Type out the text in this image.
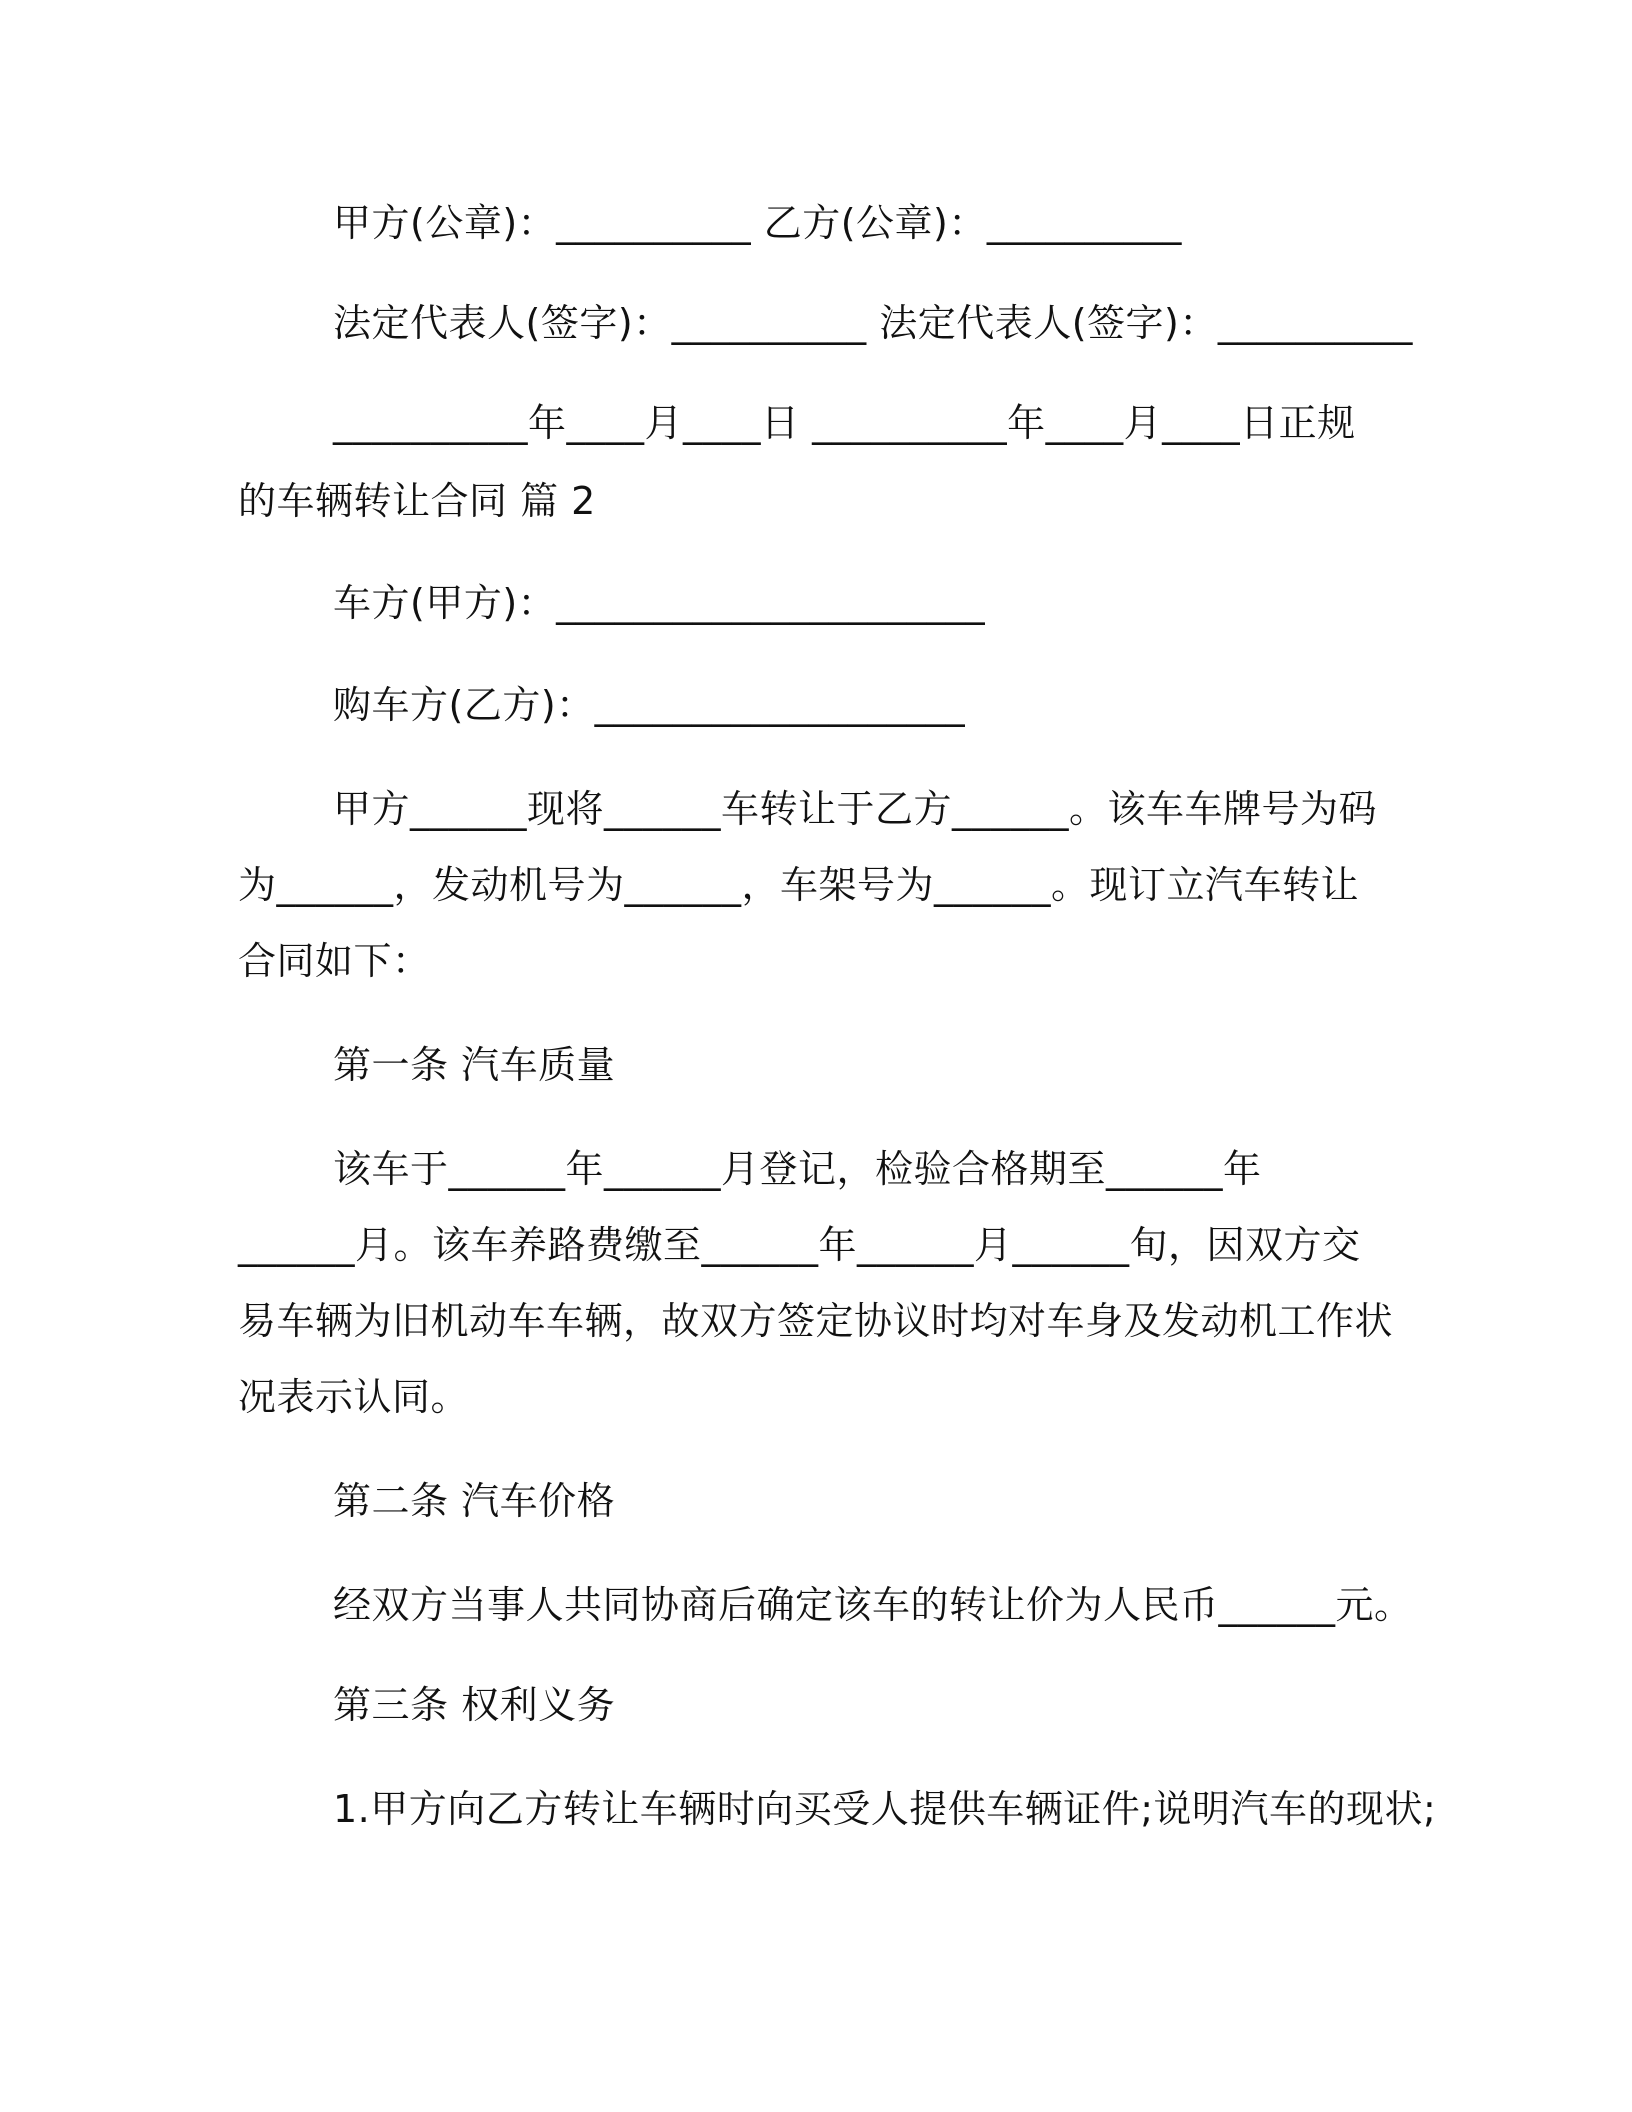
甲方(公章)：__________ 乙方(公章)：__________
法定代表人(签字)：__________ 法定代表人(签字)：__________
__________年____月____日 __________年____月____日正规
的车辆转让合同 篇 2
车方(甲方)：______________________
购车方(乙方)：___________________
甲方______现将______车转让于乙方______。该车车牌号为码
为______，发动机号为______，车架号为______。现订立汽车转让
合同如下：
第一条 汽车质量
该车于______年______月登记，检验合格期至______年
______月。该车养路费缴至______年______月______旬，因双方交
易车辆为旧机动车车辆，故双方签定协议时均对车身及发动机工作状
况表示认同。
第二条 汽车价格
经双方当事人共同协商后确定该车的转让价为人民币______元。
第三条 权利义务
1.甲方向乙方转让车辆时向买受人提供车辆证件;说明汽车的现状;
